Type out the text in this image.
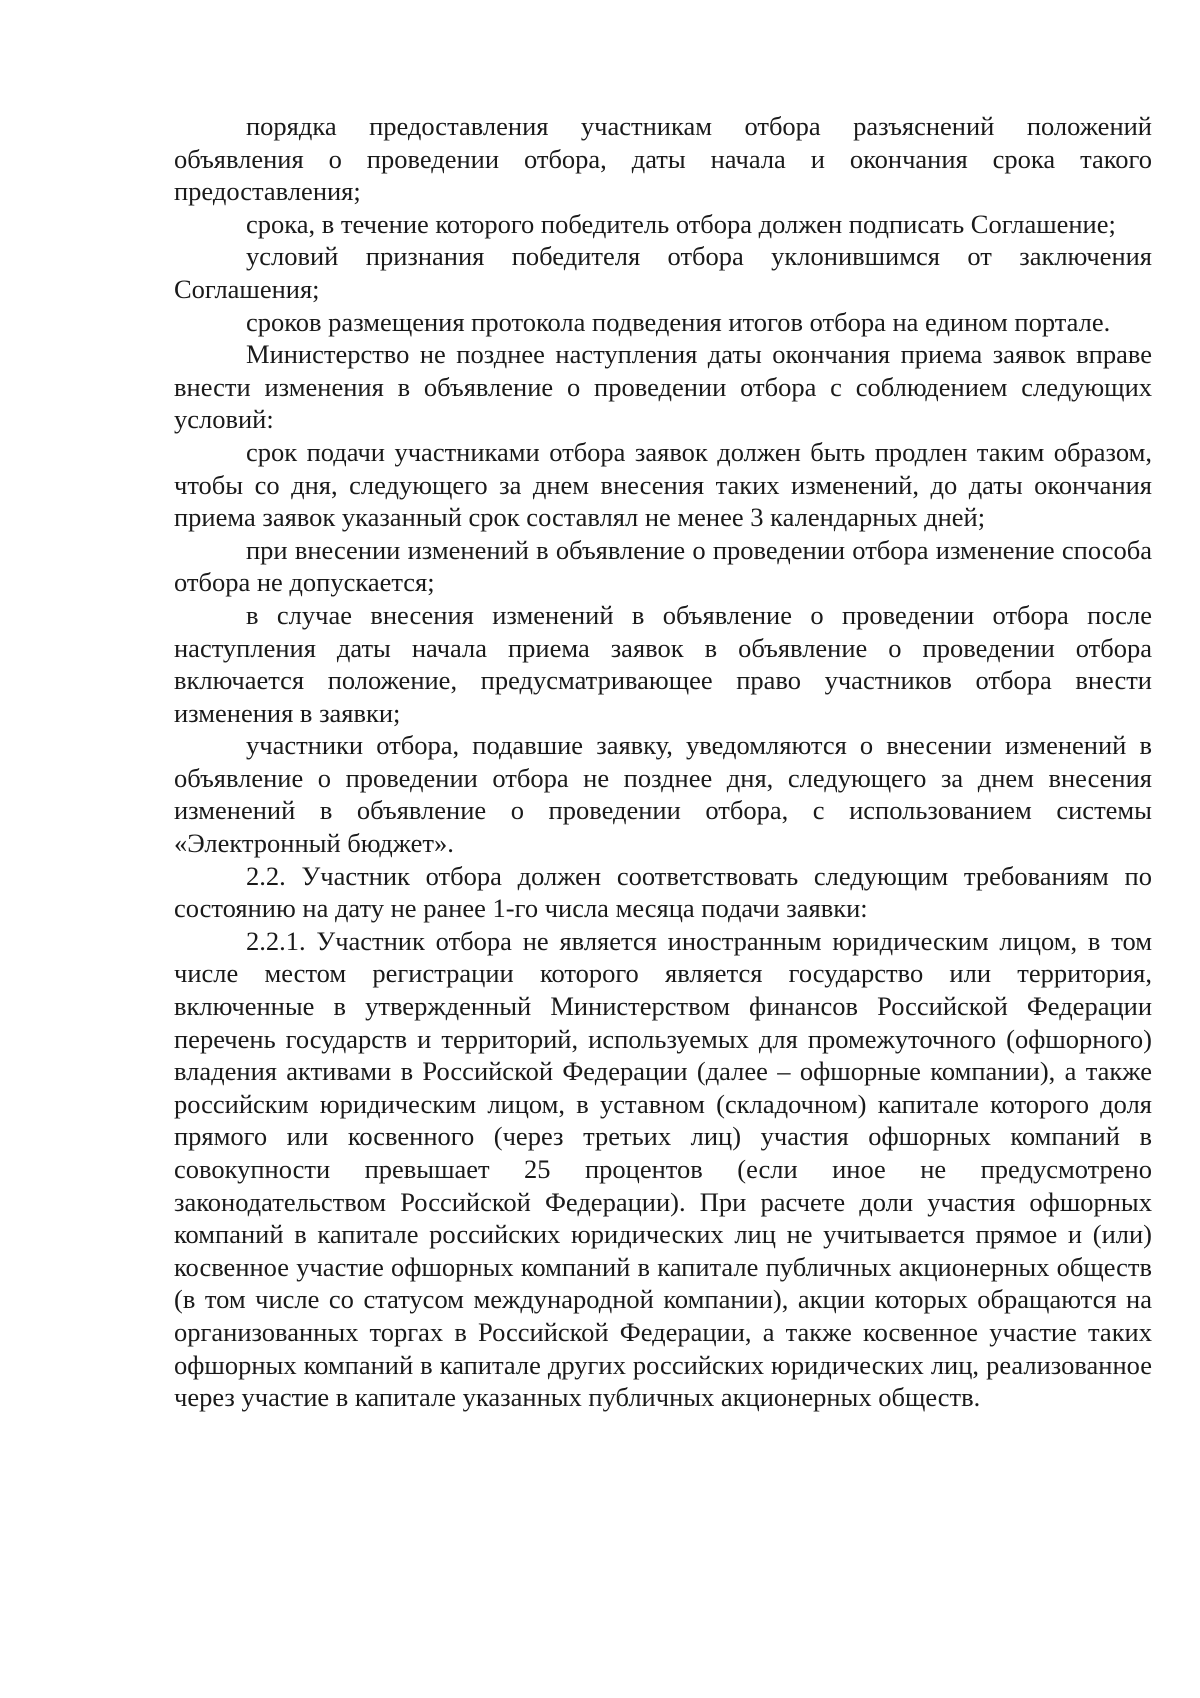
порядка предоставления участникам отбора разъяснений положений объявления о проведении отбора, даты начала и окончания срока такого предоставления;

срока, в течение которого победитель отбора должен подписать Соглашение;

условий признания победителя отбора уклонившимся от заключения Соглашения;

сроков размещения протокола подведения итогов отбора на едином портале.

Министерство не позднее наступления даты окончания приема заявок вправе внести изменения в объявление о проведении отбора с соблюдением следующих условий:

срок подачи участниками отбора заявок должен быть продлен таким образом, чтобы со дня, следующего за днем внесения таких изменений, до даты окончания приема заявок указанный срок составлял не менее 3 календарных дней;

при внесении изменений в объявление о проведении отбора изменение способа отбора не допускается;

в случае внесения изменений в объявление о проведении отбора после наступления даты начала приема заявок в объявление о проведении отбора включается положение, предусматривающее право участников отбора внести изменения в заявки;

участники отбора, подавшие заявку, уведомляются о внесении изменений в объявление о проведении отбора не позднее дня, следующего за днем внесения изменений в объявление о проведении отбора, с использованием системы «Электронный бюджет».

2.2. Участник отбора должен соответствовать следующим требованиям по состоянию на дату не ранее 1-го числа месяца подачи заявки:

2.2.1. Участник отбора не является иностранным юридическим лицом, в том числе местом регистрации которого является государство или территория, включенные в утвержденный Министерством финансов Российской Федерации перечень государств и территорий, используемых для промежуточного (офшорного) владения активами в Российской Федерации (далее – офшорные компании), а также российским юридическим лицом, в уставном (складочном) капитале которого доля прямого или косвенного (через третьих лиц) участия офшорных компаний в совокупности превышает 25 процентов (если иное не предусмотрено законодательством Российской Федерации). При расчете доли участия офшорных компаний в капитале российских юридических лиц не учитывается прямое и (или) косвенное участие офшорных компаний в капитале публичных акционерных обществ (в том числе со статусом международной компании), акции которых обращаются на организованных торгах в Российской Федерации, а также косвенное участие таких офшорных компаний в капитале других российских юридических лиц, реализованное через участие в капитале указанных публичных акционерных обществ.
